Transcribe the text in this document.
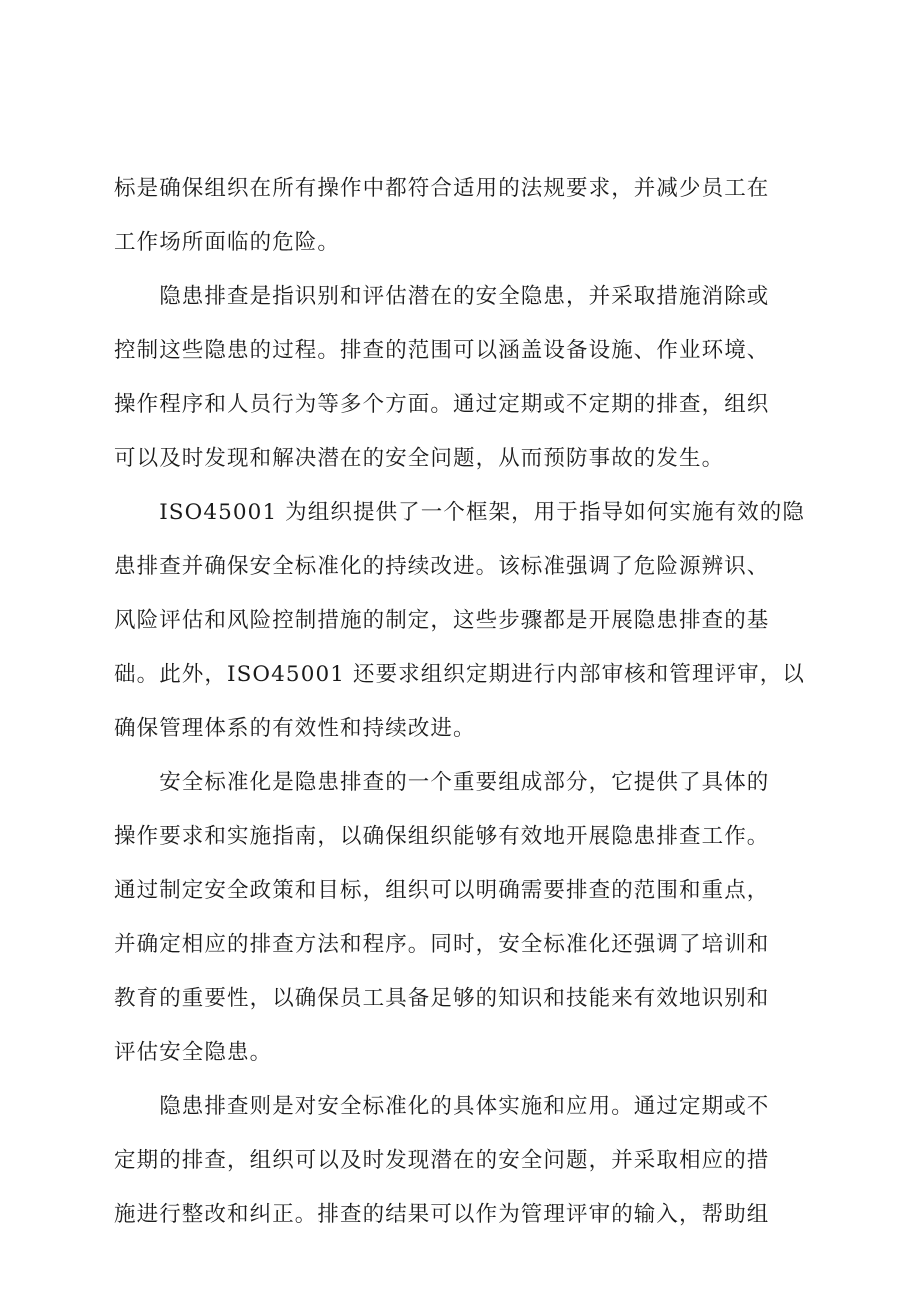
标是确保组织在所有操作中都符合适用的法规要求，并减少员工在
工作场所面临的危险。
　　隐患排查是指识别和评估潜在的安全隐患，并采取措施消除或
控制这些隐患的过程。排查的范围可以涵盖设备设施、作业环境、
操作程序和人员行为等多个方面。通过定期或不定期的排查，组织
可以及时发现和解决潜在的安全问题，从而预防事故的发生。
　　ISO45001 为组织提供了一个框架，用于指导如何实施有效的隐
患排查并确保安全标准化的持续改进。该标准强调了危险源辨识、
风险评估和风险控制措施的制定，这些步骤都是开展隐患排查的基
础。此外，ISO45001 还要求组织定期进行内部审核和管理评审，以
确保管理体系的有效性和持续改进。
　　安全标准化是隐患排查的一个重要组成部分，它提供了具体的
操作要求和实施指南，以确保组织能够有效地开展隐患排查工作。
通过制定安全政策和目标，组织可以明确需要排查的范围和重点，
并确定相应的排查方法和程序。同时，安全标准化还强调了培训和
教育的重要性，以确保员工具备足够的知识和技能来有效地识别和
评估安全隐患。
　　隐患排查则是对安全标准化的具体实施和应用。通过定期或不
定期的排查，组织可以及时发现潜在的安全问题，并采取相应的措
施进行整改和纠正。排查的结果可以作为管理评审的输入，帮助组
